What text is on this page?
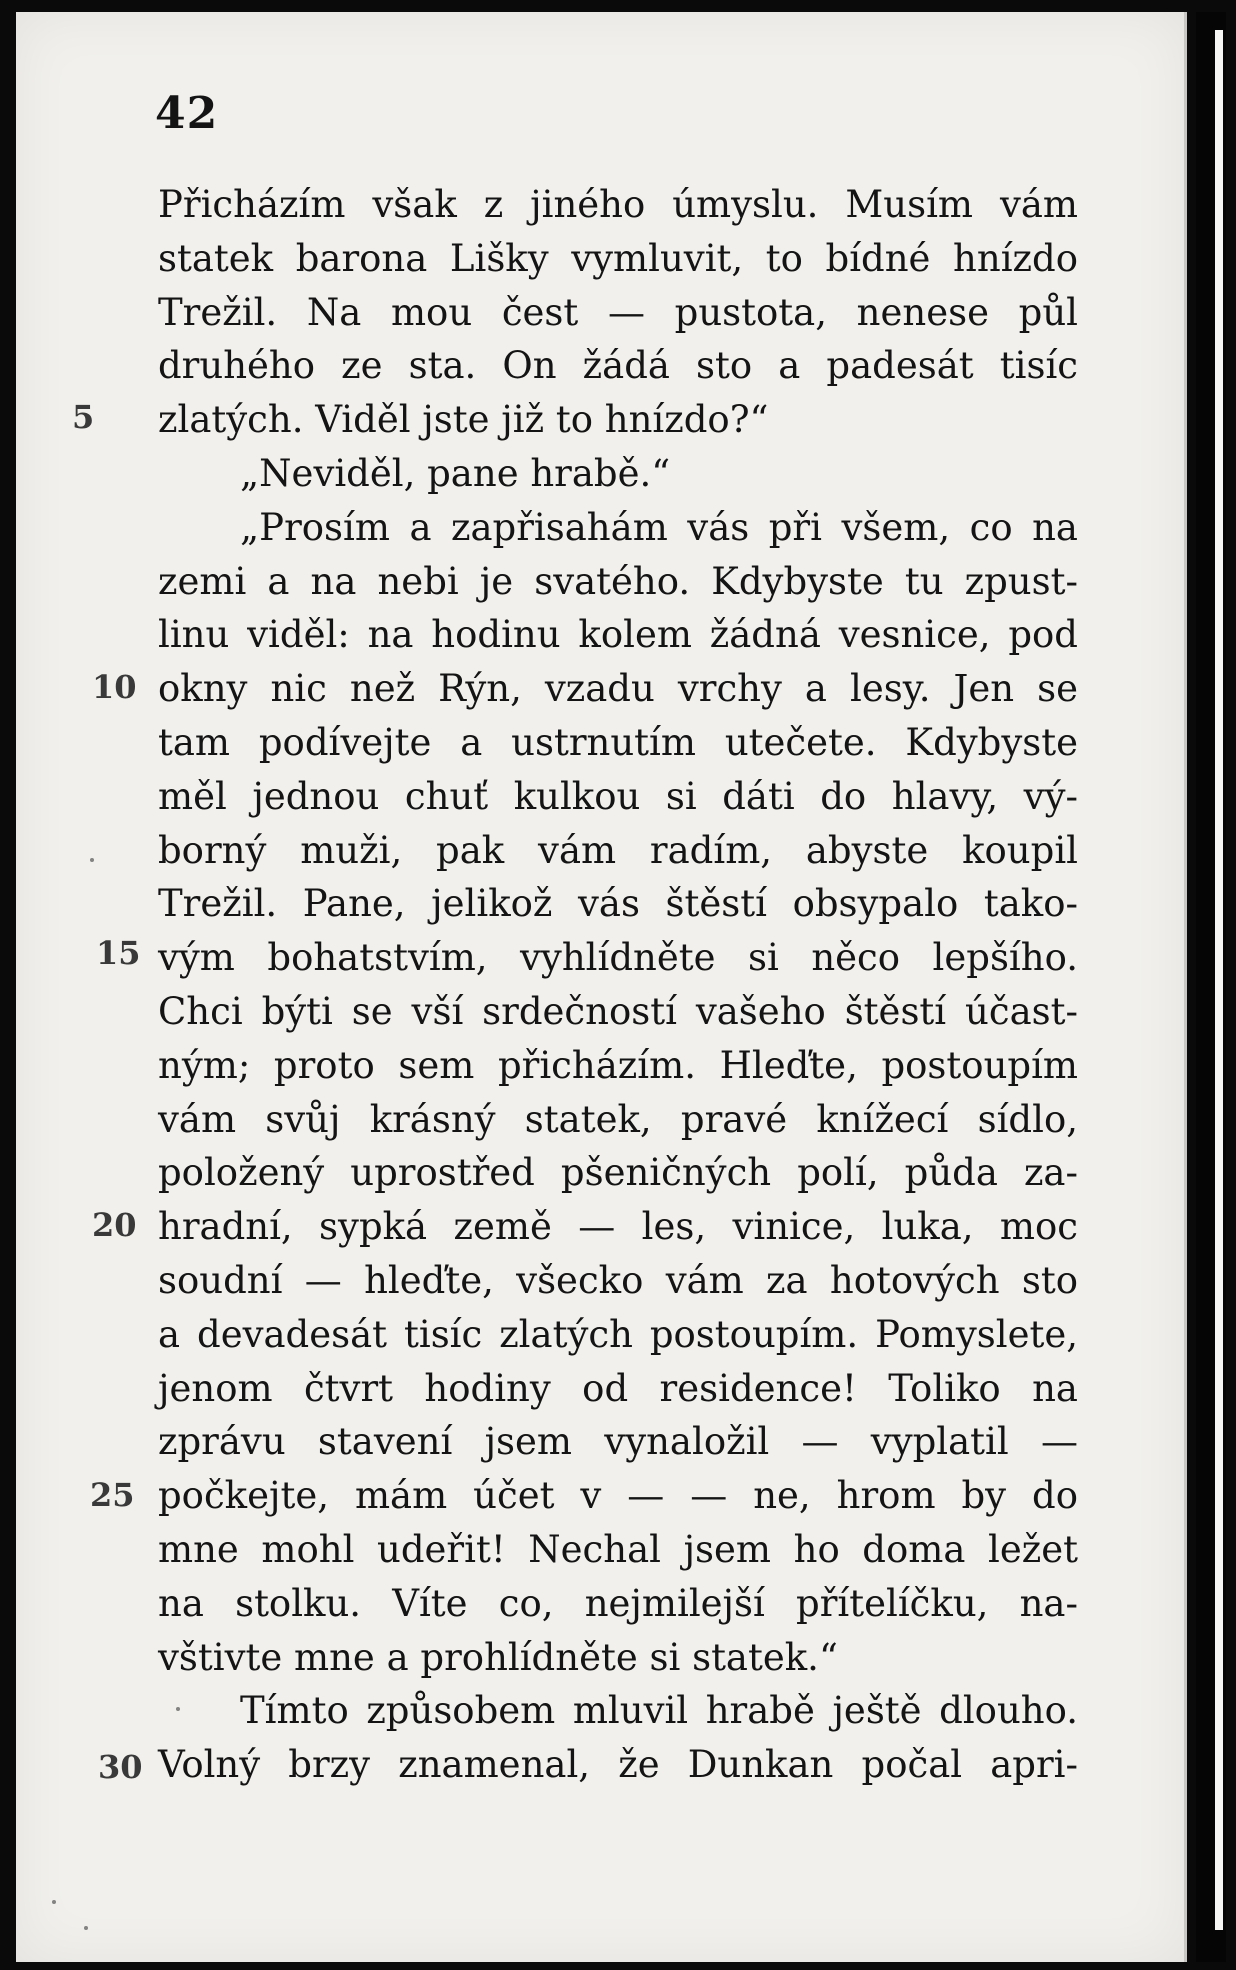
42
Přicházím však z jiného úmyslu. Musím vám
statek barona Lišky vymluvit, to bídné hnízdo
Trežil. Na mou čest — pustota, nenese půl
druhého ze sta. On žádá sto a padesát tisíc
zlatých. Viděl jste již to hnízdo?“
„Neviděl, pane hrabě.“
„Prosím a zapřisahám vás při všem, co na
zemi a na nebi je svatého. Kdybyste tu zpust-
linu viděl: na hodinu kolem žádná vesnice, pod
okny nic než Rýn, vzadu vrchy a lesy. Jen se
tam podívejte a ustrnutím utečete. Kdybyste
měl jednou chuť kulkou si dáti do hlavy, vý-
borný muži, pak vám radím, abyste koupil
Trežil. Pane, jelikož vás štěstí obsypalo tako-
vým bohatstvím, vyhlídněte si něco lepšího.
Chci býti se vší srdečností vašeho štěstí účast-
ným; proto sem přicházím. Hleďte, postoupím
vám svůj krásný statek, pravé knížecí sídlo,
položený uprostřed pšeničných polí, půda za-
hradní, sypká země — les, vinice, luka, moc
soudní — hleďte, všecko vám za hotových sto
a devadesát tisíc zlatých postoupím. Pomyslete,
jenom čtvrt hodiny od residence! Toliko na
zprávu stavení jsem vynaložil — vyplatil —
počkejte, mám účet v — — ne, hrom by do
mne mohl udeřit! Nechal jsem ho doma ležet
na stolku. Víte co, nejmilejší přítelíčku, na-
vštivte mne a prohlídněte si statek.“
Tímto způsobem mluvil hrabě ještě dlouho.
Volný brzy znamenal, že Dunkan počal apri-
5
10
15
20
25
30
